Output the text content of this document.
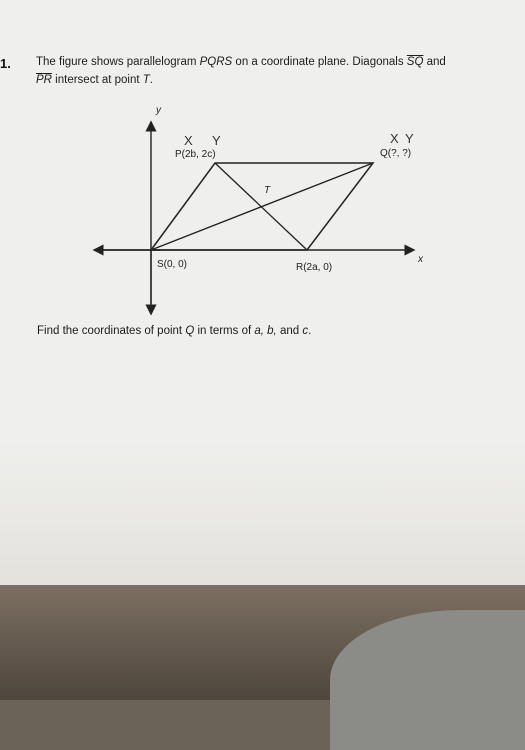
1. The figure shows parallelogram PQRS on a coordinate plane. Diagonals $\overline{SQ}$ and
$\overline{PR}$ intersect at point T.
y
x
P(2b, 2c)	Q(?, ?)
R(2a, 0)
S(0, 0)
T
X Y	X Y
Find the coordinates of point Q in terms of a, b, and c.
